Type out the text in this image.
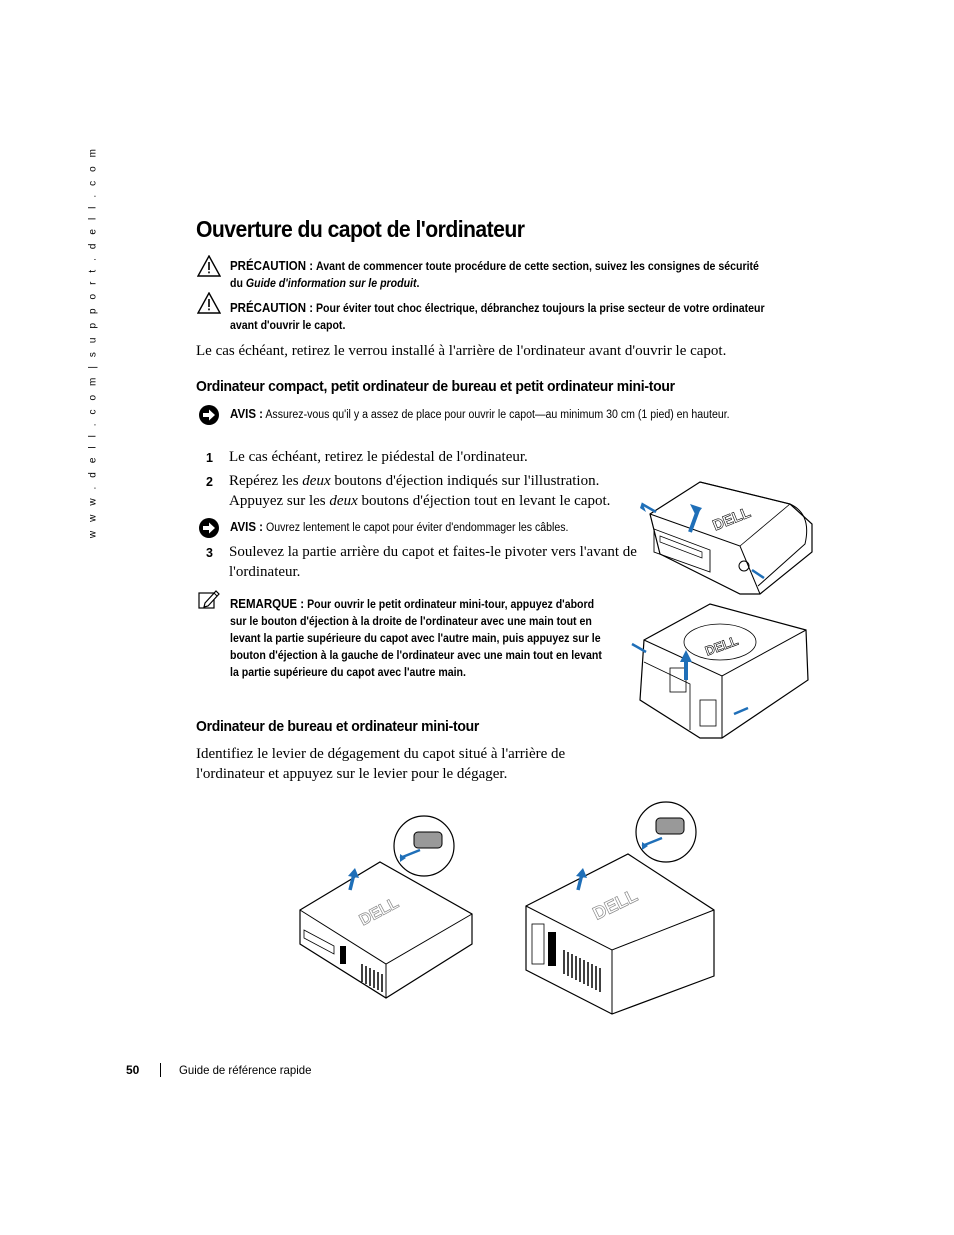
w w w . d e l l . c o m | s u p p o r t . d e l l . c o m	Ouverture du capot de l'ordinateur
PRÉCAUTION : Avant de commencer toute procédure de cette section, suivez les consignes de sécurité du Guide d'information sur le produit.
PRÉCAUTION : Pour éviter tout choc électrique, débranchez toujours la prise secteur de votre ordinateur avant d'ouvrir le capot.
Le cas échéant, retirez le verrou installé à l'arrière de l'ordinateur avant d'ouvrir le capot.
Ordinateur compact, petit ordinateur de bureau et petit ordinateur mini-tour
AVIS : Assurez-vous qu'il y a assez de place pour ouvrir le capot—au minimum 30 cm (1 pied) en hauteur.
1 Le cas échéant, retirez le piédestal de l'ordinateur.
2 Repérez les deux boutons d'éjection indiqués sur l'illustration.
Appuyez sur les deux boutons d'éjection tout en levant le capot.
AVIS : Ouvrez lentement le capot pour éviter d'endommager les câbles.
3 Soulevez la partie arrière du capot et faites-le pivoter vers l'avant de l'ordinateur.
REMARQUE : Pour ouvrir le petit ordinateur mini-tour, appuyez d'abord sur le bouton d'éjection à la droite de l'ordinateur avec une main tout en levant la partie supérieure du capot avec l'autre main, puis appuyez sur le bouton d'éjection à la gauche de l'ordinateur avec une main tout en levant la partie supérieure du capot avec l'autre main.
Ordinateur de bureau et ordinateur mini-tour
Identifiez le levier de dégagement du capot situé à l'arrière de l'ordinateur et appuyez sur le levier pour le dégager.
DELL
DELL
DELL	DELL
50	Guide de référence rapide
